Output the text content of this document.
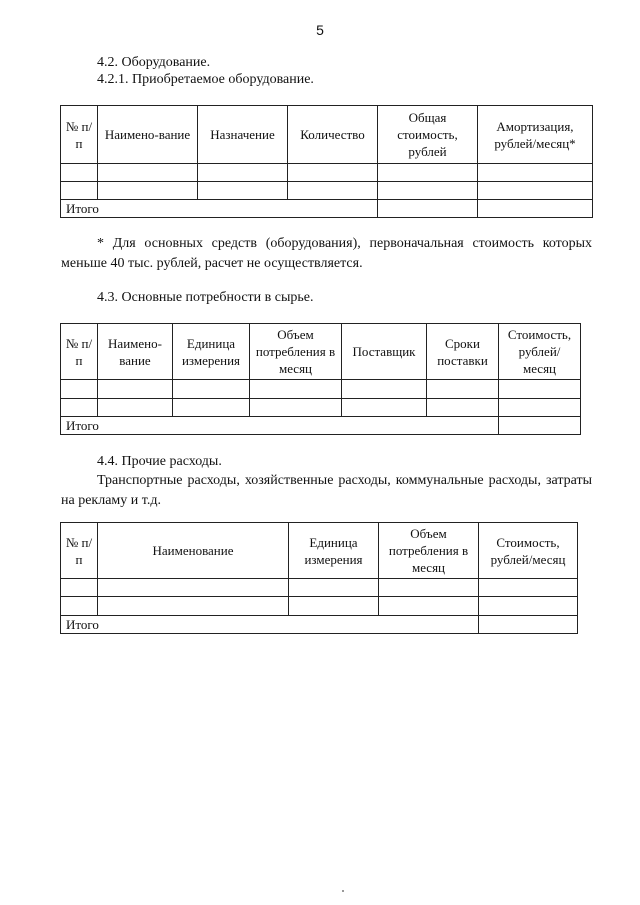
5
4.2. Оборудование.
4.2.1. Приобретаемое оборудование.
№ п/п	Наимено-вание	Назначение	Количество	Общая стоимость, рублей	Амортизация, рублей/месяц*

Итого					
* Для основных средств (оборудования), первоначальная стоимость которых меньше 40 тыс. рублей, расчет не осуществляется.
4.3. Основные потребности в сырье.
№ п/п	Наимено-вание	Единица измерения	Объем потребления в месяц	Поставщик	Сроки поставки	Стоимость, рублей/ месяц

Итого						
4.4. Прочие расходы.
Транспортные расходы, хозяйственные расходы, коммунальные расходы, затраты на рекламу и т.д.
№ п/п	Наименование	Единица измерения	Объем потребления в месяц	Стоимость, рублей/месяц

Итого				
